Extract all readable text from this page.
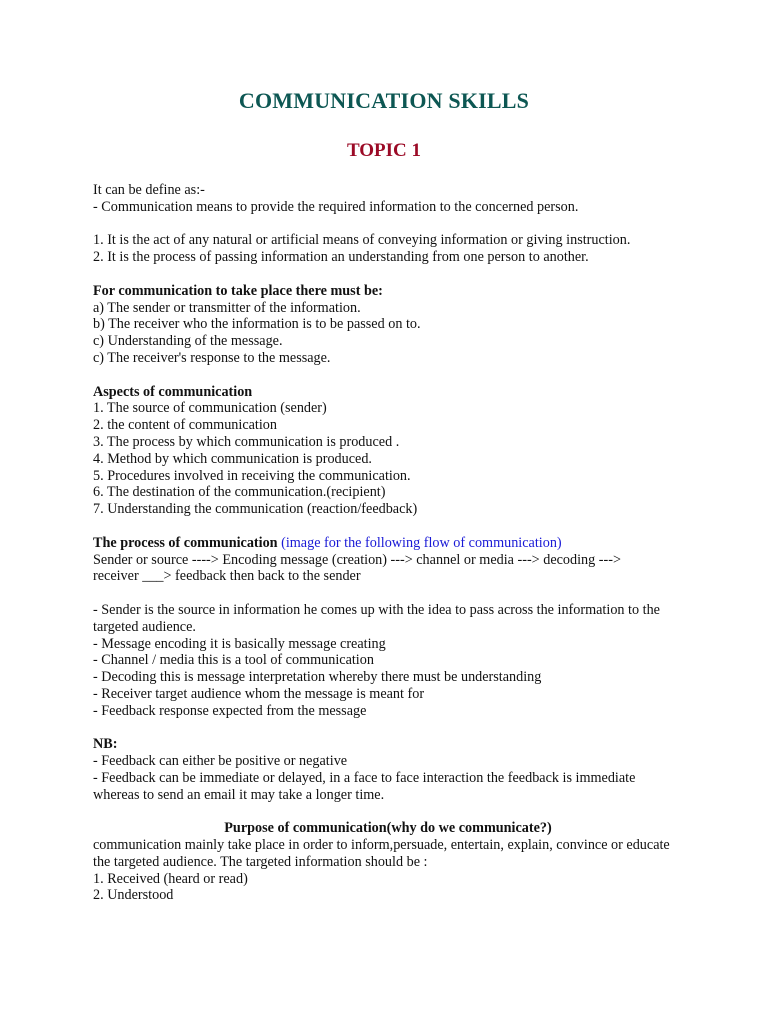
COMMUNICATION SKILLS
TOPIC 1
It can be define as:-
- Communication means to provide the required information to the concerned person.
1. It is the act of any natural or artificial means of conveying information or giving instruction.
2. It is the process of passing information an understanding from one person to another.
For communication to take place there must be:
a) The sender or transmitter of the information.
b) The receiver who the information is to be passed on to.
c) Understanding of the message.
c) The receiver's response to the message.
Aspects of communication
1. The source of communication (sender)
2. the content of communication
3. The process by which communication is produced .
4. Method by which communication is produced.
5. Procedures involved in receiving the communication.
6. The destination of the communication.(recipient)
7. Understanding the communication (reaction/feedback)
The process of communication (image for the following flow of communication)
Sender or source ----> Encoding message (creation) ---> channel or media ---> decoding --->
receiver ___> feedback then back to the sender
- Sender is the source in information he comes up with the idea to pass across the information to the targeted audience.
- Message encoding it is basically message creating
- Channel / media this is a tool of communication
- Decoding this is message interpretation whereby there must be understanding
- Receiver target audience whom the message is meant for
- Feedback response expected from the message
NB:
- Feedback can either be positive or negative
- Feedback can be immediate or delayed, in a face to face interaction the feedback is immediate whereas to send an email it may take a longer time.
Purpose of communication(why do we communicate?)
communication mainly take place in order to inform,persuade, entertain, explain, convince or educate the targeted audience. The targeted information should be :
1. Received (heard or read)
2. Understood
